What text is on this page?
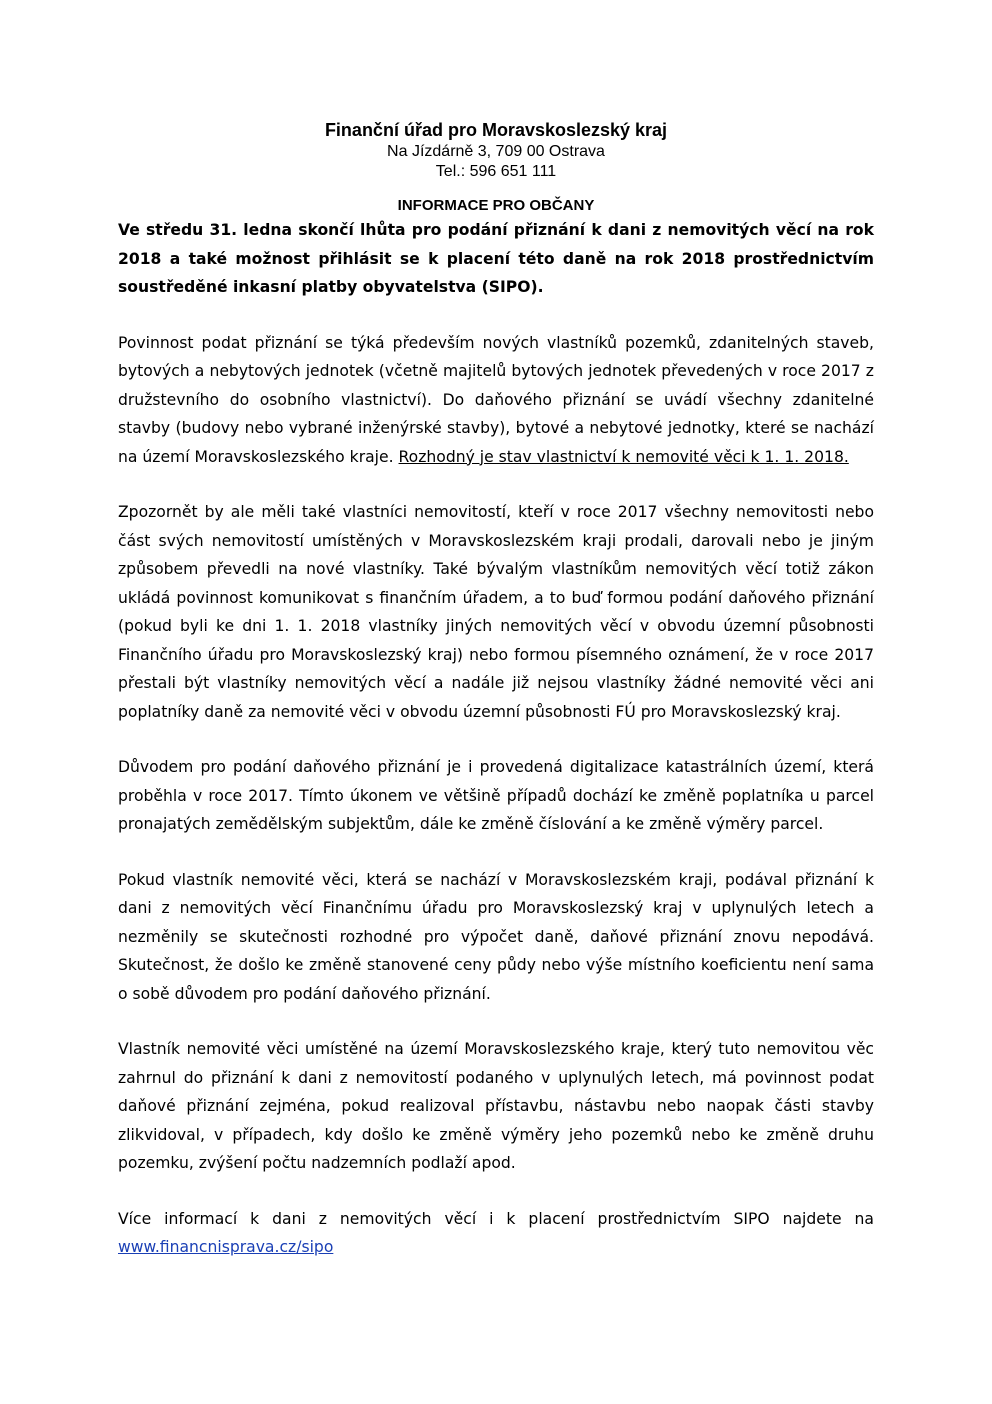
Finanční úřad pro Moravskoslezský kraj

Na Jízdárně 3, 709 00 Ostrava

Tel.: 596 651 111

INFORMACE PRO OBČANY

Ve středu 31. ledna skončí lhůta pro podání přiznání k dani z nemovitých věcí na rok 2018 a také možnost přihlásit se k placení této daně na rok 2018 prostřednictvím soustředěné inkasní platby obyvatelstva (SIPO).

Povinnost podat přiznání se týká především nových vlastníků pozemků, zdanitelných staveb, bytových a nebytových jednotek (včetně majitelů bytových jednotek převedených v roce 2017 z družstevního do osobního vlastnictví). Do daňového přiznání se uvádí všechny zdanitelné stavby (budovy nebo vybrané inženýrské stavby), bytové a nebytové jednotky, které se nachází na území Moravskoslezského kraje. Rozhodný je stav vlastnictví k nemovité věci k 1. 1. 2018.

Zpozornět by ale měli také vlastníci nemovitostí, kteří v roce 2017 všechny nemovitosti nebo část svých nemovitostí umístěných v Moravskoslezském kraji prodali, darovali nebo je jiným způsobem převedli na nové vlastníky. Také bývalým vlastníkům nemovitých věcí totiž zákon ukládá povinnost komunikovat s finančním úřadem, a to buď formou podání daňového přiznání (pokud byli ke dni 1. 1. 2018 vlastníky jiných nemovitých věcí v obvodu územní působnosti Finančního úřadu pro Moravskoslezský kraj) nebo formou písemného oznámení, že v roce 2017 přestali být vlastníky nemovitých věcí a nadále již nejsou vlastníky žádné nemovité věci ani poplatníky daně za nemovité věci v obvodu územní působnosti FÚ pro Moravskoslezský kraj.

Důvodem pro podání daňového přiznání je i provedená digitalizace katastrálních území, která proběhla v roce 2017. Tímto úkonem ve většině případů dochází ke změně poplatníka u parcel pronajatých zemědělským subjektům, dále ke změně číslování a ke změně výměry parcel.

Pokud vlastník nemovité věci, která se nachází v Moravskoslezském kraji, podával přiznání k dani z nemovitých věcí Finančnímu úřadu pro Moravskoslezský kraj v uplynulých letech a nezměnily se skutečnosti rozhodné pro výpočet daně, daňové přiznání znovu nepodává. Skutečnost, že došlo ke změně stanovené ceny půdy nebo výše místního koeficientu není sama o sobě důvodem pro podání daňového přiznání.

Vlastník nemovité věci umístěné na území Moravskoslezského kraje, který tuto nemovitou věc zahrnul do přiznání k dani z nemovitostí podaného v uplynulých letech, má povinnost podat daňové přiznání zejména, pokud realizoval přístavbu, nástavbu nebo naopak části stavby zlikvidoval, v případech, kdy došlo ke změně výměry jeho pozemků nebo ke změně druhu pozemku, zvýšení počtu nadzemních podlaží apod.

Více informací k dani z nemovitých věcí i k placení prostřednictvím SIPO najdete na www.financnisprava.cz/sipo
